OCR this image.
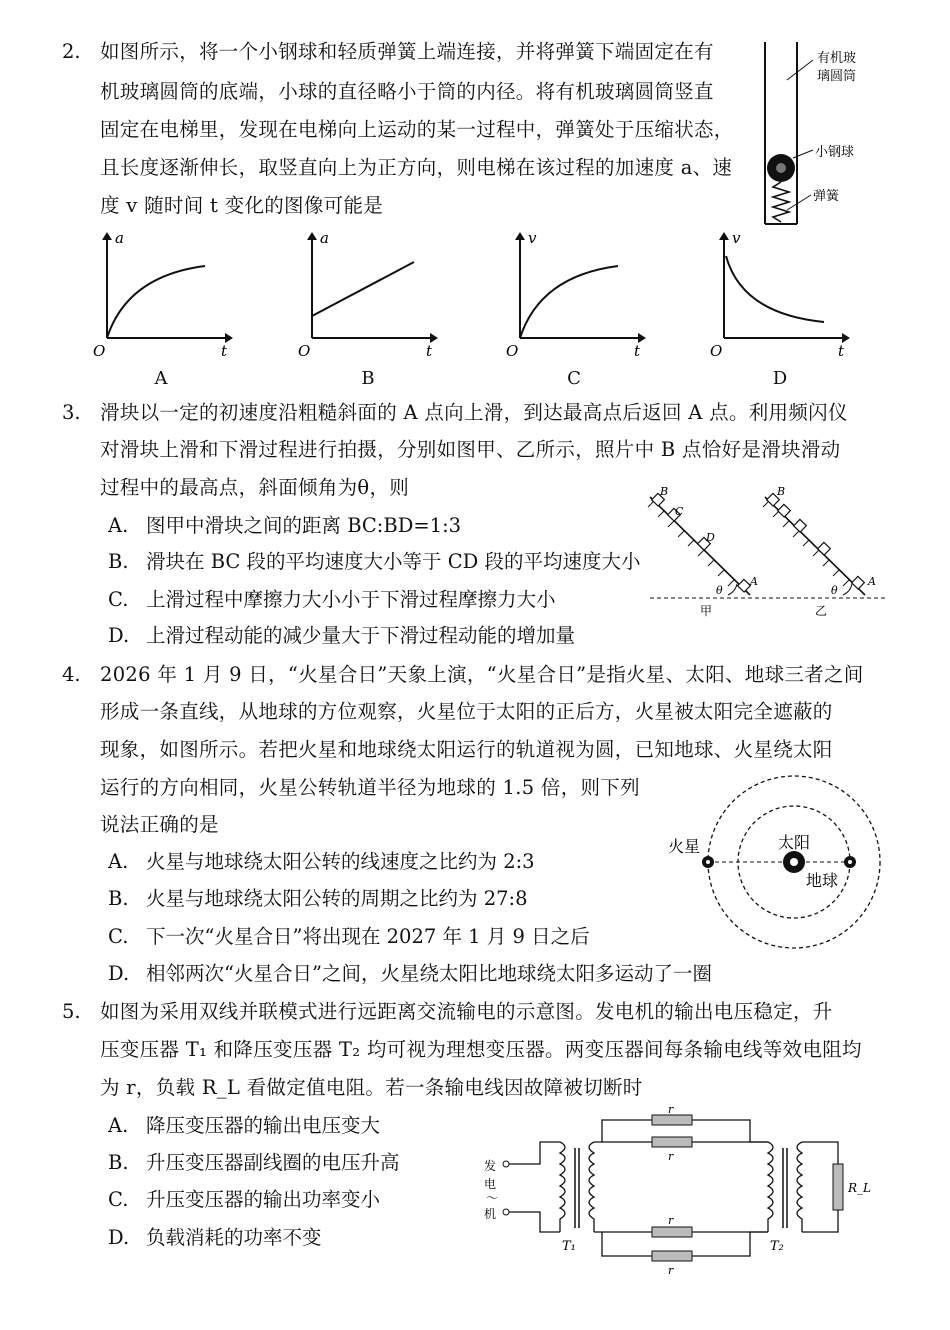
2. 如图所示，将一个小钢球和轻质弹簧上端连接，并将弹簧下端固定在有
机玻璃圆筒的底端，小球的直径略小于筒的内径。将有机玻璃圆筒竖直
固定在电梯里，发现在电梯向上运动的某一过程中，弹簧处于压缩状态，
且长度逐渐伸长，取竖直向上为正方向，则电梯在该过程的加速度 a、速
度 v 随时间 t 变化的图像可能是
有机玻
璃圆筒
小钢球
弹簧
a
t
O
a
t
O
v
t
O
v
t
O
A	B	C	D
3. 滑块以一定的初速度沿粗糙斜面的 A 点向上滑，到达最高点后返回 A 点。利用频闪仪
对滑块上滑和下滑过程进行拍摄，分别如图甲、乙所示，照片中 B 点恰好是滑块滑动
过程中的最高点，斜面倾角为θ，则
A. 图甲中滑块之间的距离 BC:BD=1:3
B. 滑块在 BC 段的平均速度大小等于 CD 段的平均速度大小
C. 上滑过程中摩擦力大小小于下滑过程摩擦力大小
D. 上滑过程动能的减少量大于下滑过程动能的增加量
B
C
D
A
θ
甲
B
A
θ
乙
4. 2026 年 1 月 9 日，“火星合日”天象上演，“火星合日”是指火星、太阳、地球三者之间
形成一条直线，从地球的方位观察，火星位于太阳的正后方，火星被太阳完全遮蔽的
现象，如图所示。若把火星和地球绕太阳运行的轨道视为圆，已知地球、火星绕太阳
运行的方向相同，火星公转轨道半径为地球的 1.5 倍，则下列
说法正确的是
A. 火星与地球绕太阳公转的线速度之比约为 2:3
B. 火星与地球绕太阳公转的周期之比约为 27:8
C. 下一次“火星合日”将出现在 2027 年 1 月 9 日之后
D. 相邻两次“火星合日”之间，火星绕太阳比地球绕太阳多运动了一圈
火星	太阳
地球
5. 如图为采用双线并联模式进行远距离交流输电的示意图。发电机的输出电压稳定，升
压变压器 T₁ 和降压变压器 T₂ 均可视为理想变压器。两变压器间每条输电线等效电阻均
为 r，负载 R_L 看做定值电阻。若一条输电线因故障被切断时
A. 降压变压器的输出电压变大
B. 升压变压器副线圈的电压升高
C. 升压变压器的输出功率变小
D. 负载消耗的功率不变
发
电
～
机
T₁
r
r
r
r
T₂
R_L
